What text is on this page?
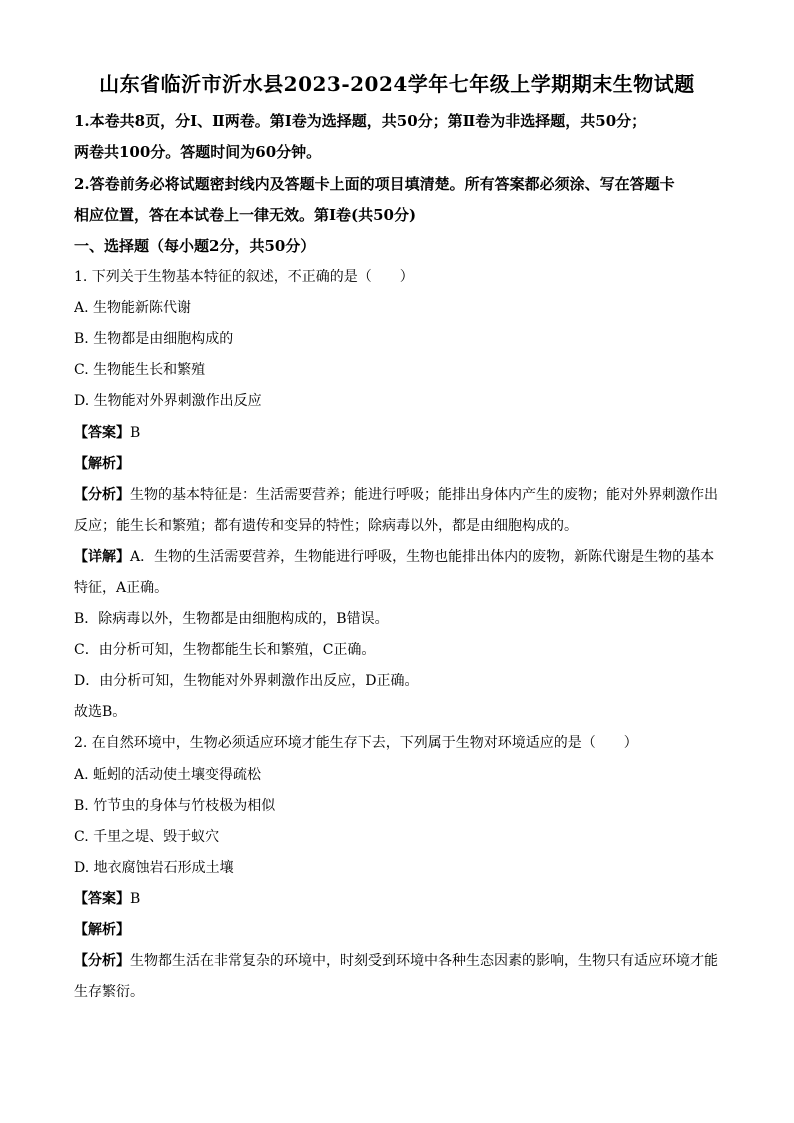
山东省临沂市沂水县2023-2024学年七年级上学期期末生物试题
1.本卷共8页，分Ⅰ、Ⅱ两卷。第Ⅰ卷为选择题，共50分；第Ⅱ卷为非选择题，共50分；
两卷共100分。答题时间为60分钟。
2.答卷前务必将试题密封线内及答题卡上面的项目填清楚。所有答案都必须涂、写在答题卡
相应位置，答在本试卷上一律无效。第Ⅰ卷(共50分)
一、选择题（每小题2分，共50分）
1. 下列关于生物基本特征的叙述，不正确的是（　　）
A. 生物能新陈代谢
B. 生物都是由细胞构成的
C. 生物能生长和繁殖
D. 生物能对外界刺激作出反应
【答案】B
【解析】
【分析】生物的基本特征是：生活需要营养；能进行呼吸；能排出身体内产生的废物；能对外界刺激作出
反应；能生长和繁殖；都有遗传和变异的特性；除病毒以外，都是由细胞构成的。
【详解】A．生物的生活需要营养，生物能进行呼吸，生物也能排出体内的废物，新陈代谢是生物的基本
特征，A正确。
B．除病毒以外，生物都是由细胞构成的，B错误。
C．由分析可知，生物都能生长和繁殖，C正确。
D．由分析可知，生物能对外界刺激作出反应，D正确。
故选B。
2. 在自然环境中，生物必须适应环境才能生存下去，下列属于生物对环境适应的是（　　）
A. 蚯蚓的活动使土壤变得疏松
B. 竹节虫的身体与竹枝极为相似
C. 千里之堤、毁于蚁穴
D. 地衣腐蚀岩石形成土壤
【答案】B
【解析】
【分析】生物都生活在非常复杂的环境中，时刻受到环境中各种生态因素的影响，生物只有适应环境才能
生存繁衍。
